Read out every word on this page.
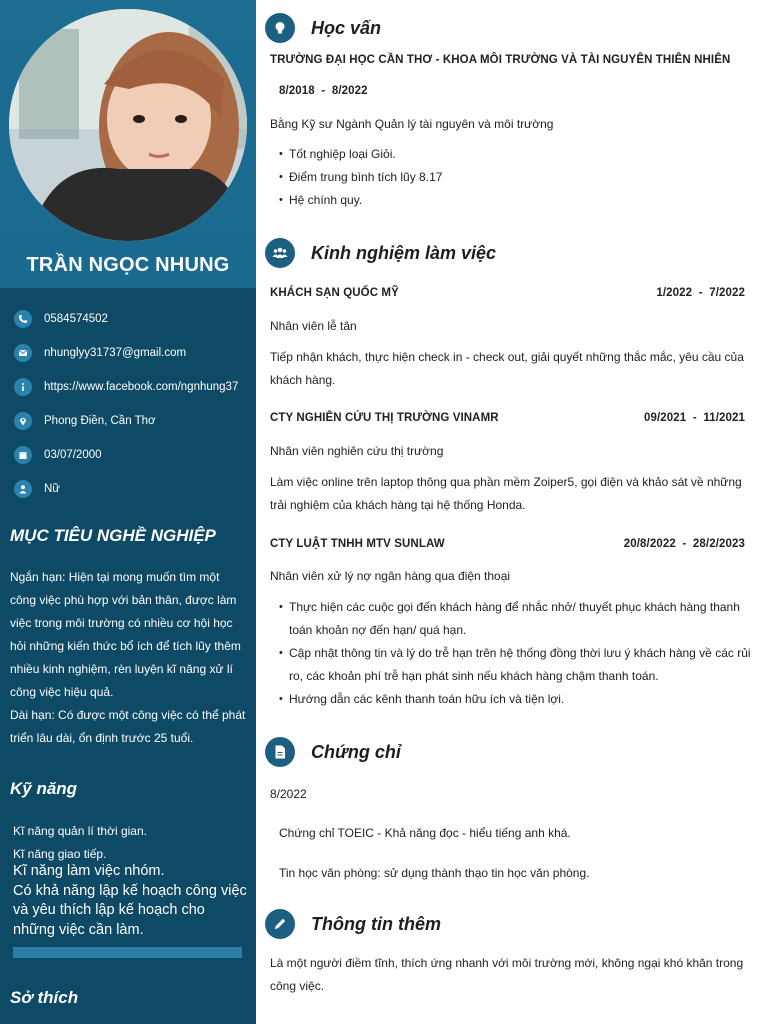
TRẦN NGỌC NHUNG
0584574502
nhunglyy31737@gmail.com
https://www.facebook.com/ngnhung37
Phong Điền, Cần Thơ
03/07/2000
Nữ
MỤC TIÊU NGHỀ NGHIỆP
Ngắn hạn: Hiện tại mong muốn tìm một công việc phù hợp với bản thân, được làm việc trong môi trường có nhiều cơ hội học hỏi những kiến thức bổ ích để tích lũy thêm nhiều kinh nghiệm, rèn luyện kĩ năng xử lí công việc hiệu quả.
Dài hạn: Có được một công việc có thể phát triển lâu dài, ổn định trước 25 tuổi.
Kỹ năng
Kĩ năng quản lí thời gian.
Kĩ năng giao tiếp.
Kĩ năng làm việc nhóm.
Có khả năng lập kế hoạch công việc và yêu thích lập kế hoạch cho những việc cần làm.
Sở thích
Học vấn
TRƯỜNG ĐẠI HỌC CẦN THƠ - KHOA MÔI TRƯỜNG VÀ TÀI NGUYÊN THIÊN NHIÊN
8/2018  -  8/2022
Bằng Kỹ sư Ngành Quản lý tài nguyên và môi trường
• Tốt nghiệp loại Giỏi.
• Điểm trung bình tích lũy 8.17
• Hệ chính quy.
Kinh nghiệm làm việc
KHÁCH SẠN QUỐC MỸ	1/2022  -  7/2022
Nhân viên lễ tân
Tiếp nhận khách, thực hiện check in - check out, giải quyết những thắc mắc, yêu cầu của khách hàng.
CTY NGHIÊN CỨU THỊ TRƯỜNG VINAMR	09/2021  -  11/2021
Nhân viên nghiên cứu thị trường
Làm việc online trên laptop thông qua phần mềm Zoiper5, gọi điện và khảo sát về những trải nghiệm của khách hàng tại hệ thống Honda.
CTY LUẬT TNHH MTV SUNLAW	20/8/2022  -  28/2/2023
Nhân viên xử lý nợ ngân hàng qua điện thoại
• Thực hiện các cuộc gọi đến khách hàng để nhắc nhở/ thuyết phục khách hàng thanh toán khoản nợ đến hạn/ quá hạn.
• Cập nhật thông tin và lý do trễ hạn trên hệ thống đồng thời lưu ý khách hàng về các rủi ro, các khoản phí trễ hạn phát sinh nếu khách hàng chậm thanh toán.
• Hướng dẫn các kênh thanh toán hữu ích và tiện lợi.
Chứng chỉ
8/2022
Chứng chỉ TOEIC - Khả năng đọc - hiểu tiếng anh khá.
Tin học văn phòng: sử dụng thành thạo tin học văn phòng.
Thông tin thêm
Là một người điềm tĩnh, thích ứng nhanh với môi trường mới, không ngại khó khăn trong công việc.
